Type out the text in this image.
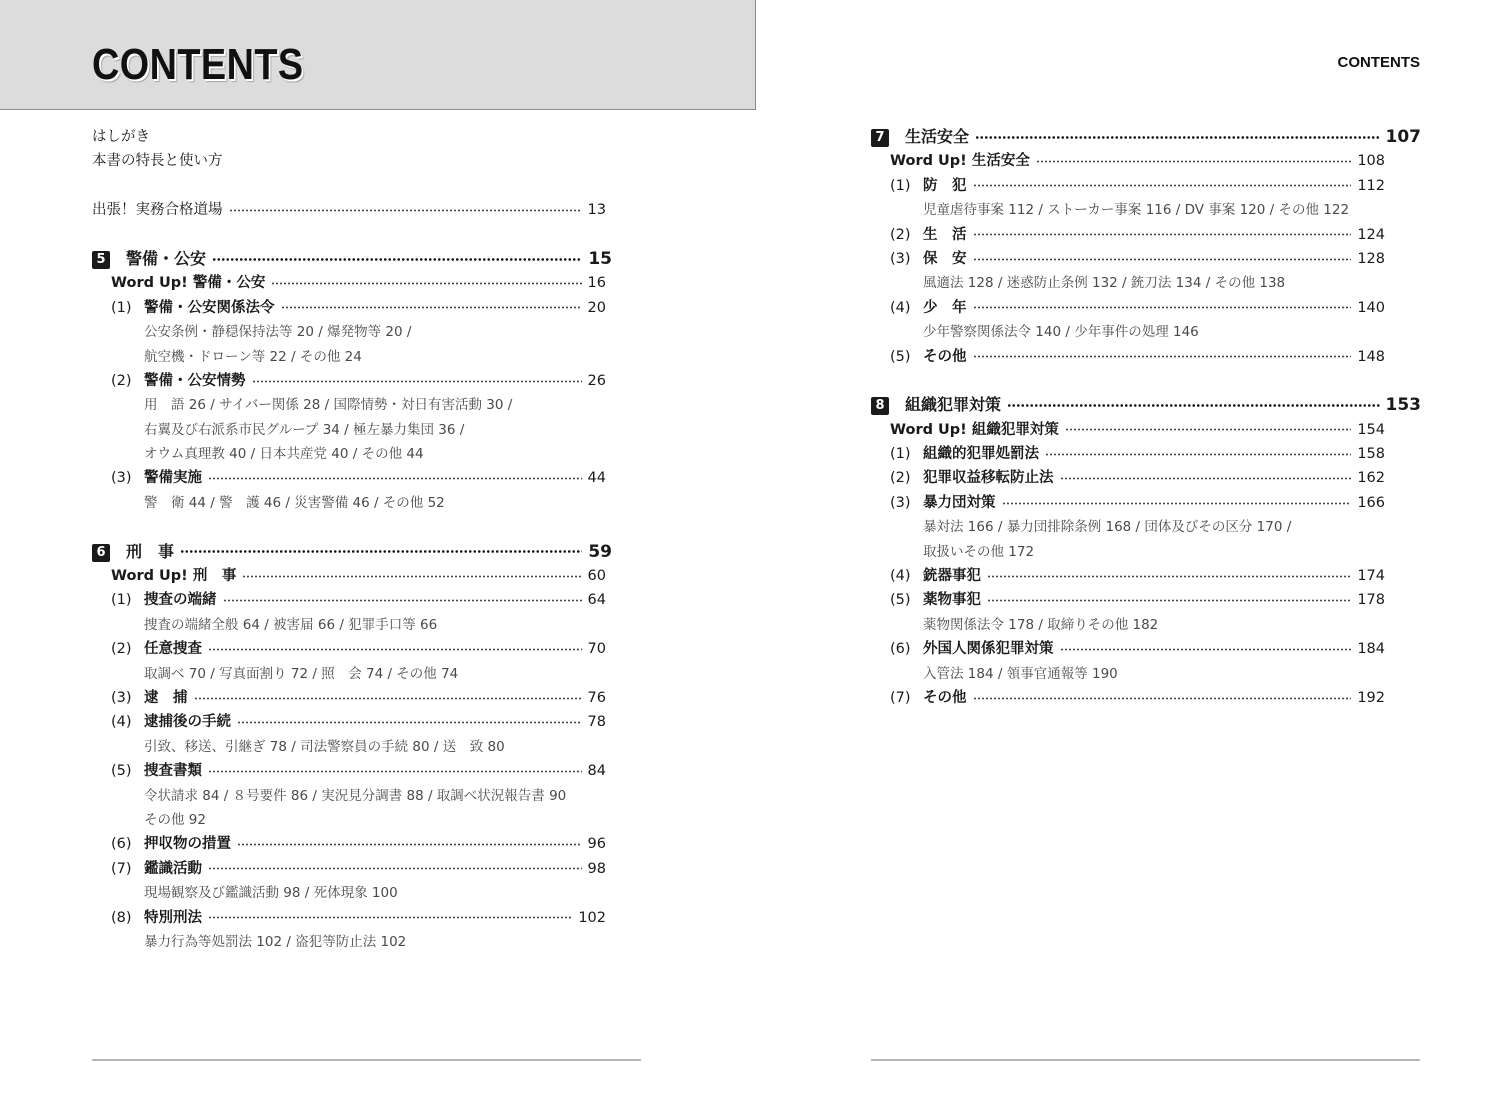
CONTENTS	CONTENTS
はしがき
本書の特長と使い方
出張！実務合格道場	13
5 警備・公安	15
Word Up! 警備・公安	16
(1) 警備・公安関係法令	20
公安条例・静穏保持法等 20 / 爆発物等 20 /
航空機・ドローン等 22 / その他 24
(2) 警備・公安情勢	26
用　語 26 / サイバー関係 28 / 国際情勢・対日有害活動 30 /
右翼及び右派系市民グループ 34 / 極左暴力集団 36 /
オウム真理教 40 / 日本共産党 40 / その他 44
(3) 警備実施	44
警　衛 44 / 警　護 46 / 災害警備 46 / その他 52
6 刑　事	59
Word Up! 刑　事	60
(1) 捜査の端緒	64
捜査の端緒全般 64 / 被害届 66 / 犯罪手口等 66
(2) 任意捜査	70
取調べ 70 / 写真面割り 72 / 照　会 74 / その他 74
(3) 逮　捕	76
(4) 逮捕後の手続	78
引致、移送、引継ぎ 78 / 司法警察員の手続 80 / 送　致 80
(5) 捜査書類	84
令状請求 84 / ８号要件 86 / 実況見分調書 88 / 取調べ状況報告書 90
その他 92
(6) 押収物の措置	96
(7) 鑑識活動	98
現場観察及び鑑識活動 98 / 死体現象 100
(8) 特別刑法	102
暴力行為等処罰法 102 / 盗犯等防止法 102
7 生活安全	107
Word Up! 生活安全	108
(1) 防　犯	112
児童虐待事案 112 / ストーカー事案 116 / DV 事案 120 / その他 122
(2) 生　活	124
(3) 保　安	128
風適法 128 / 迷惑防止条例 132 / 銃刀法 134 / その他 138
(4) 少　年	140
少年警察関係法令 140 / 少年事件の処理 146
(5) その他	148
8 組織犯罪対策	153
Word Up! 組織犯罪対策	154
(1) 組織的犯罪処罰法	158
(2) 犯罪収益移転防止法	162
(3) 暴力団対策	166
暴対法 166 / 暴力団排除条例 168 / 団体及びその区分 170 /
取扱いその他 172
(4) 銃器事犯	174
(5) 薬物事犯	178
薬物関係法令 178 / 取締りその他 182
(6) 外国人関係犯罪対策	184
入管法 184 / 領事官通報等 190
(7) その他	192
